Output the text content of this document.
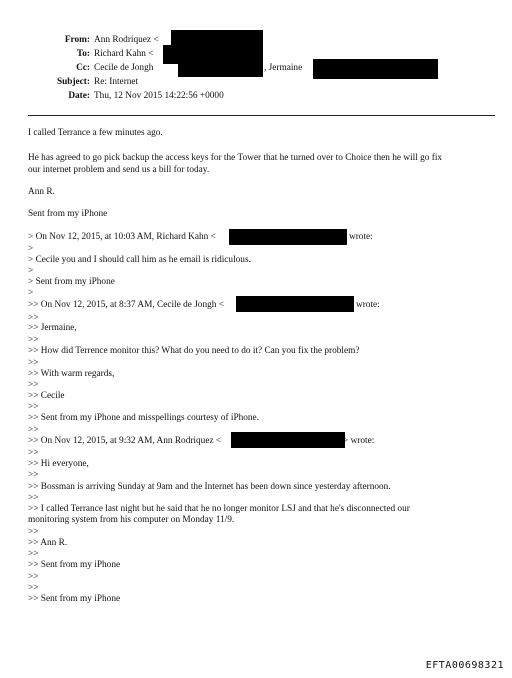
From: Ann Rodriquez <
To: Richard Kahn <
Cc: Cecile de Jongh	, Jermaine
Subject: Re: Internet
Date: Thu, 12 Nov 2015 14:22:56 +0000
I called Terrance a few minutes ago.
He has agreed to go pick backup the access keys for the Tower that he turned over to Choice then he will go fix
our internet problem and send us a bill for today.
Ann R.
Sent from my iPhone
> On Nov 12, 2015, at 10:03 AM, Richard Kahn <	wrote:
>
> Cecile you and I should call him as he email is ridiculous.
>
> Sent from my iPhone
>
>> On Nov 12, 2015, at 8:37 AM, Cecile de Jongh <	wrote:
>>
>> Jermaine,
>>
>> How did Terrence monitor this? What do you need to do it? Can you fix the problem?
>>
>> With warm regards,
>>
>> Cecile
>>
>> Sent from my iPhone and misspellings courtesy of iPhone.
>>
>> On Nov 12, 2015, at 9:32 AM, Ann Rodriquez <	> wrote:
>>
>> Hi everyone,
>>
>> Bossman is arriving Sunday at 9am and the Internet has been down since yesterday afternoon.
>>
>> I called Terrance last night but he said that he no longer monitor LSJ and that he's disconnected our
monitoring system from his computer on Monday 11/9.
>>
>> Ann R.
>>
>> Sent from my iPhone
>>
>>
>> Sent from my iPhone
EFTA00698321
